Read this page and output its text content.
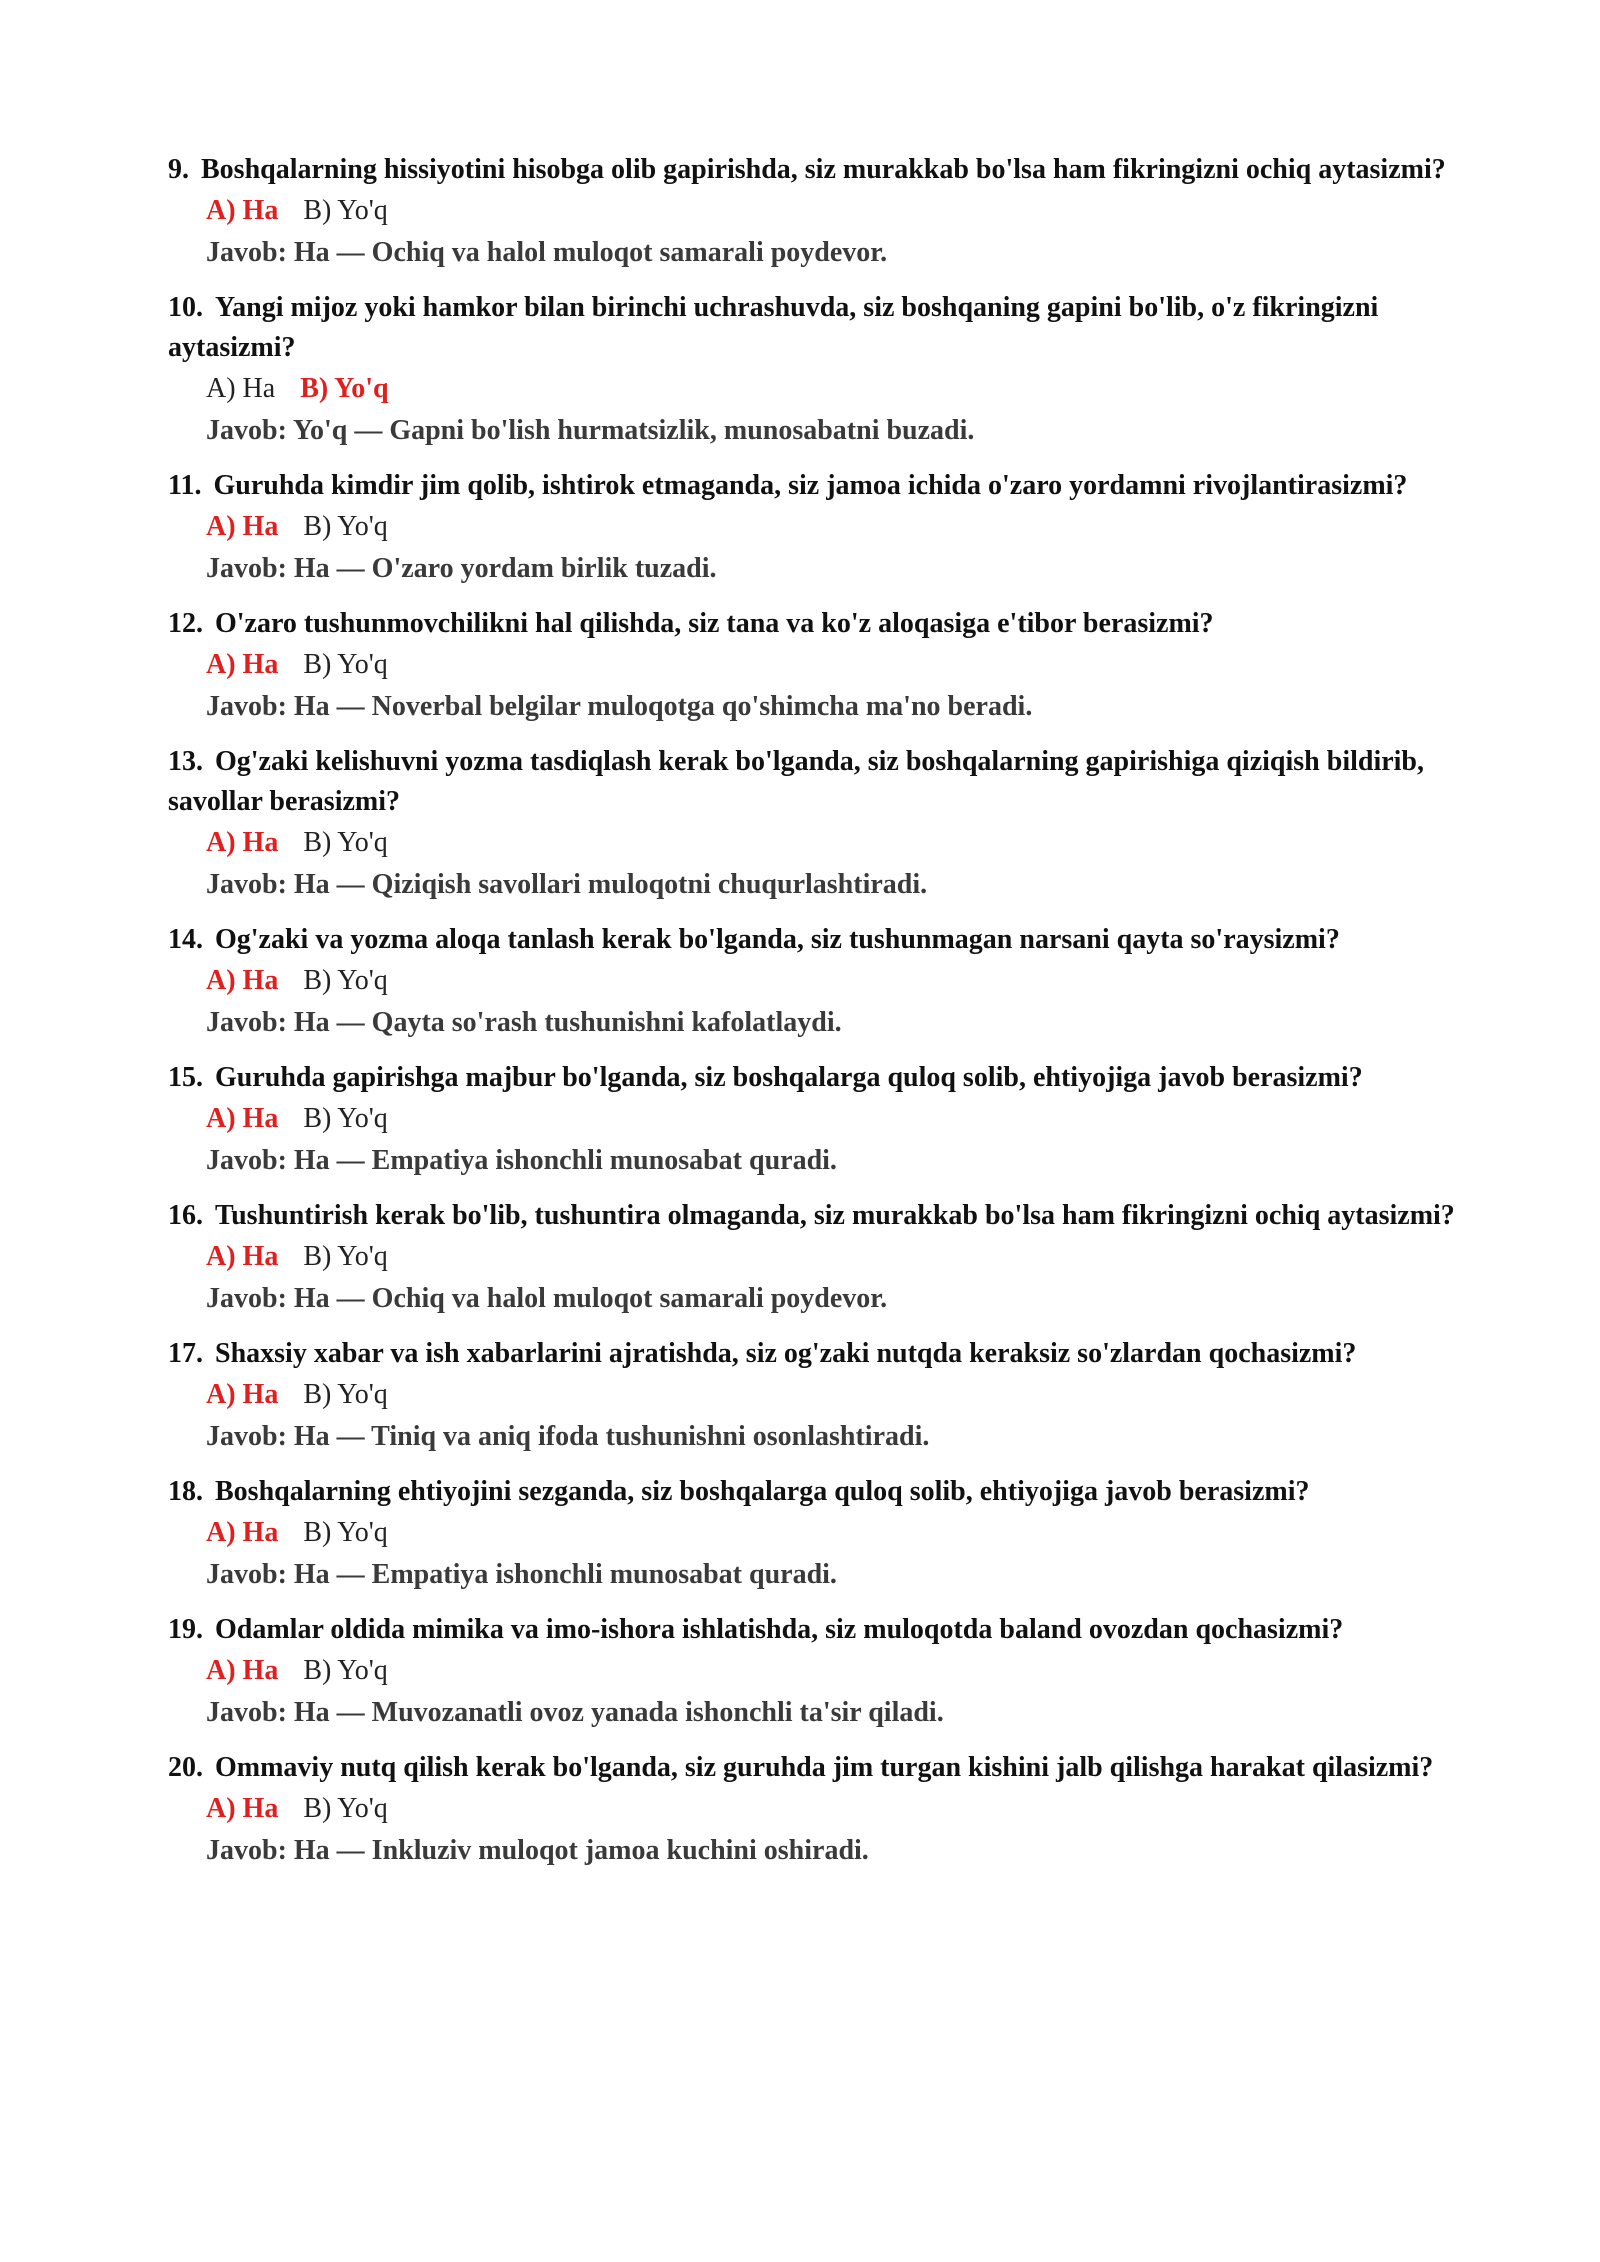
9. Boshqalarning hissiyotini hisobga olib gapirishda, siz murakkab bo'lsa ham fikringizni ochiq aytasizmi?

A) Ha B) Yo'q
Javob: Ha — Ochiq va halol muloqot samarali poydevor.

10. Yangi mijoz yoki hamkor bilan birinchi uchrashuvda, siz boshqaning gapini bo'lib, o'z fikringizni aytasizmi?

A) Ha B) Yo'q
Javob: Yo'q — Gapni bo'lish hurmatsizlik, munosabatni buzadi.

11. Guruhda kimdir jim qolib, ishtirok etmaganda, siz jamoa ichida o'zaro yordamni rivojlantirasizmi?

A) Ha B) Yo'q
Javob: Ha — O'zaro yordam birlik tuzadi.

12. O'zaro tushunmovchilikni hal qilishda, siz tana va ko'z aloqasiga e'tibor berasizmi?

A) Ha B) Yo'q
Javob: Ha — Noverbal belgilar muloqotga qo'shimcha ma'no beradi.

13. Og'zaki kelishuvni yozma tasdiqlash kerak bo'lganda, siz boshqalarning gapirishiga qiziqish bildirib, savollar berasizmi?

A) Ha B) Yo'q
Javob: Ha — Qiziqish savollari muloqotni chuqurlashtiradi.

14. Og'zaki va yozma aloqa tanlash kerak bo'lganda, siz tushunmagan narsani qayta so'raysizmi?

A) Ha B) Yo'q
Javob: Ha — Qayta so'rash tushunishni kafolatlaydi.

15. Guruhda gapirishga majbur bo'lganda, siz boshqalarga quloq solib, ehtiyojiga javob berasizmi?

A) Ha B) Yo'q
Javob: Ha — Empatiya ishonchli munosabat quradi.

16. Tushuntirish kerak bo'lib, tushuntira olmaganda, siz murakkab bo'lsa ham fikringizni ochiq aytasizmi?

A) Ha B) Yo'q
Javob: Ha — Ochiq va halol muloqot samarali poydevor.

17. Shaxsiy xabar va ish xabarlarini ajratishda, siz og'zaki nutqda keraksiz so'zlardan qochasizmi?

A) Ha B) Yo'q
Javob: Ha — Tiniq va aniq ifoda tushunishni osonlashtiradi.

18. Boshqalarning ehtiyojini sezganda, siz boshqalarga quloq solib, ehtiyojiga javob berasizmi?

A) Ha B) Yo'q
Javob: Ha — Empatiya ishonchli munosabat quradi.

19. Odamlar oldida mimika va imo-ishora ishlatishda, siz muloqotda baland ovozdan qochasizmi?

A) Ha B) Yo'q
Javob: Ha — Muvozanatli ovoz yanada ishonchli ta'sir qiladi.

20. Ommaviy nutq qilish kerak bo'lganda, siz guruhda jim turgan kishini jalb qilishga harakat qilasizmi?

A) Ha B) Yo'q
Javob: Ha — Inkluziv muloqot jamoa kuchini oshiradi.
